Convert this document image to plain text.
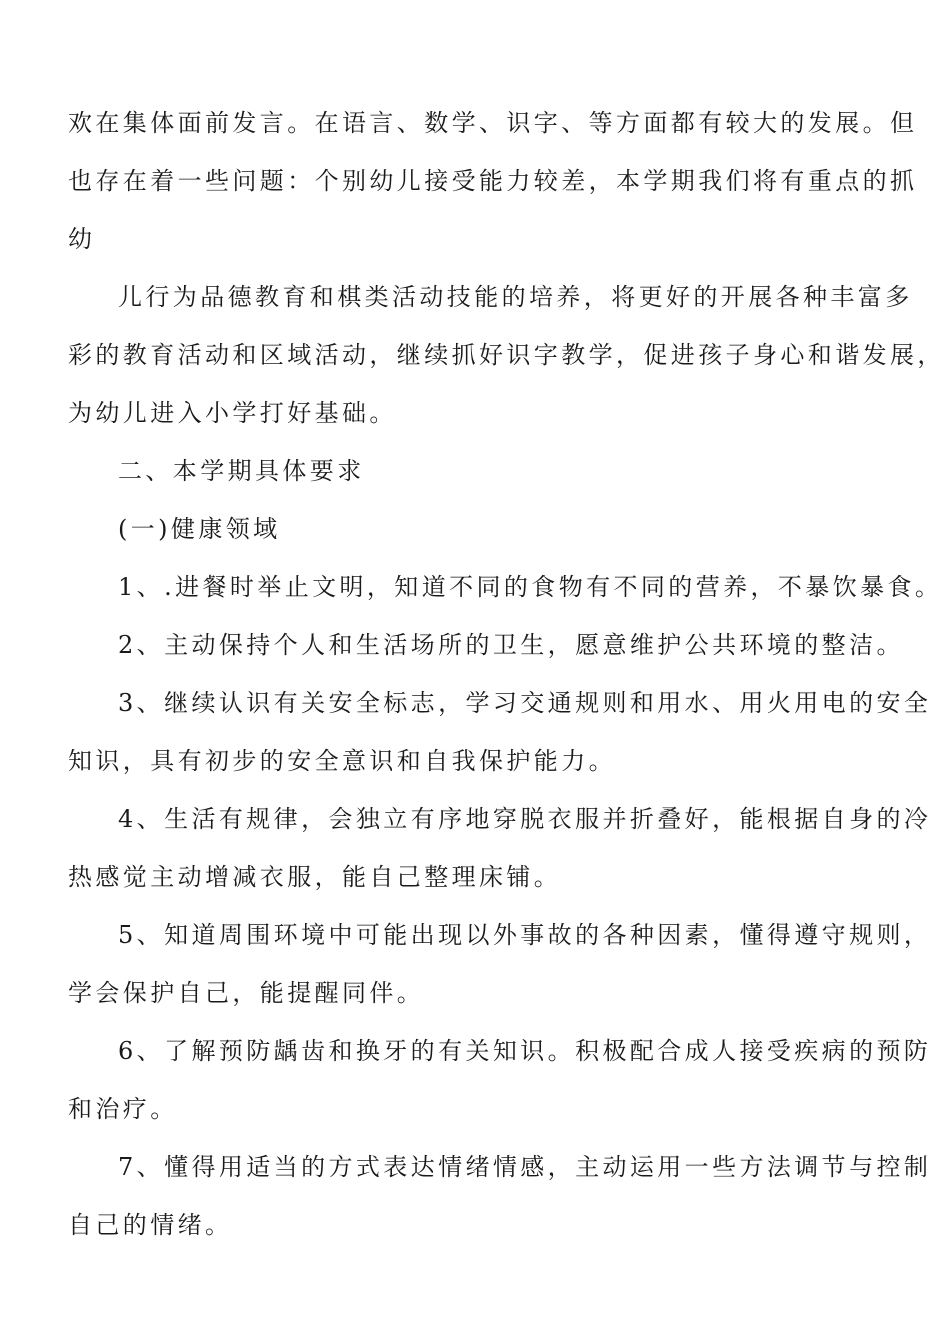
欢在集体面前发言。在语言、数学、识字、等方面都有较大的发展。但
也存在着一些问题：个别幼儿接受能力较差，本学期我们将有重点的抓
幼

儿行为品德教育和棋类活动技能的培养，将更好的开展各种丰富多
彩的教育活动和区域活动，继续抓好识字教学，促进孩子身心和谐发展，
为幼儿进入小学打好基础。

二、本学期具体要求

(一)健康领域

1、.进餐时举止文明，知道不同的食物有不同的营养，不暴饮暴食。

2、主动保持个人和生活场所的卫生，愿意维护公共环境的整洁。

3、继续认识有关安全标志，学习交通规则和用水、用火用电的安全
知识，具有初步的安全意识和自我保护能力。

4、生活有规律，会独立有序地穿脱衣服并折叠好，能根据自身的冷
热感觉主动增减衣服，能自己整理床铺。

5、知道周围环境中可能出现以外事故的各种因素，懂得遵守规则，
学会保护自己，能提醒同伴。

6、了解预防龋齿和换牙的有关知识。积极配合成人接受疾病的预防
和治疗。

7、懂得用适当的方式表达情绪情感，主动运用一些方法调节与控制
自己的情绪。
